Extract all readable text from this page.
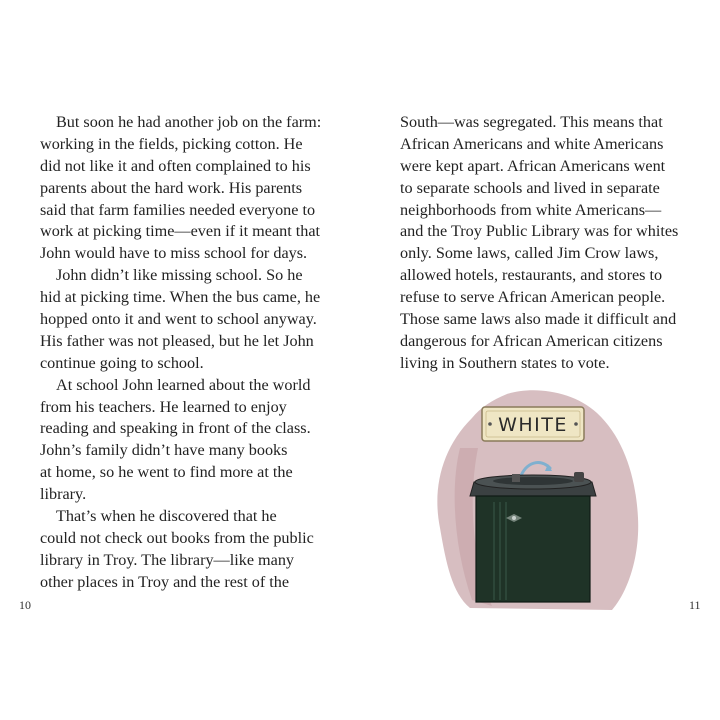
But soon he had another job on the farm:
working in the fields, picking cotton. He
did not like it and often complained to his
parents about the hard work. His parents
said that farm families needed everyone to
work at picking time—even if it meant that
John would have to miss school for days.
John didn’t like missing school. So he
hid at picking time. When the bus came, he
hopped onto it and went to school anyway.
His father was not pleased, but he let John
continue going to school.
At school John learned about the world
from his teachers. He learned to enjoy
reading and speaking in front of the class.
John’s family didn’t have many books
at home, so he went to find more at the
library.
That’s when he discovered that he
could not check out books from the public
library in Troy. The library—like many
other places in Troy and the rest of the
10
South—was segregated. This means that
African Americans and white Americans
were kept apart. African Americans went
to separate schools and lived in separate
neighborhoods from white Americans—
and the Troy Public Library was for whites
only. Some laws, called Jim Crow laws,
allowed hotels, restaurants, and stores to
refuse to serve African American people.
Those same laws also made it difficult and
dangerous for African American citizens
living in Southern states to vote.
11
WHITE
